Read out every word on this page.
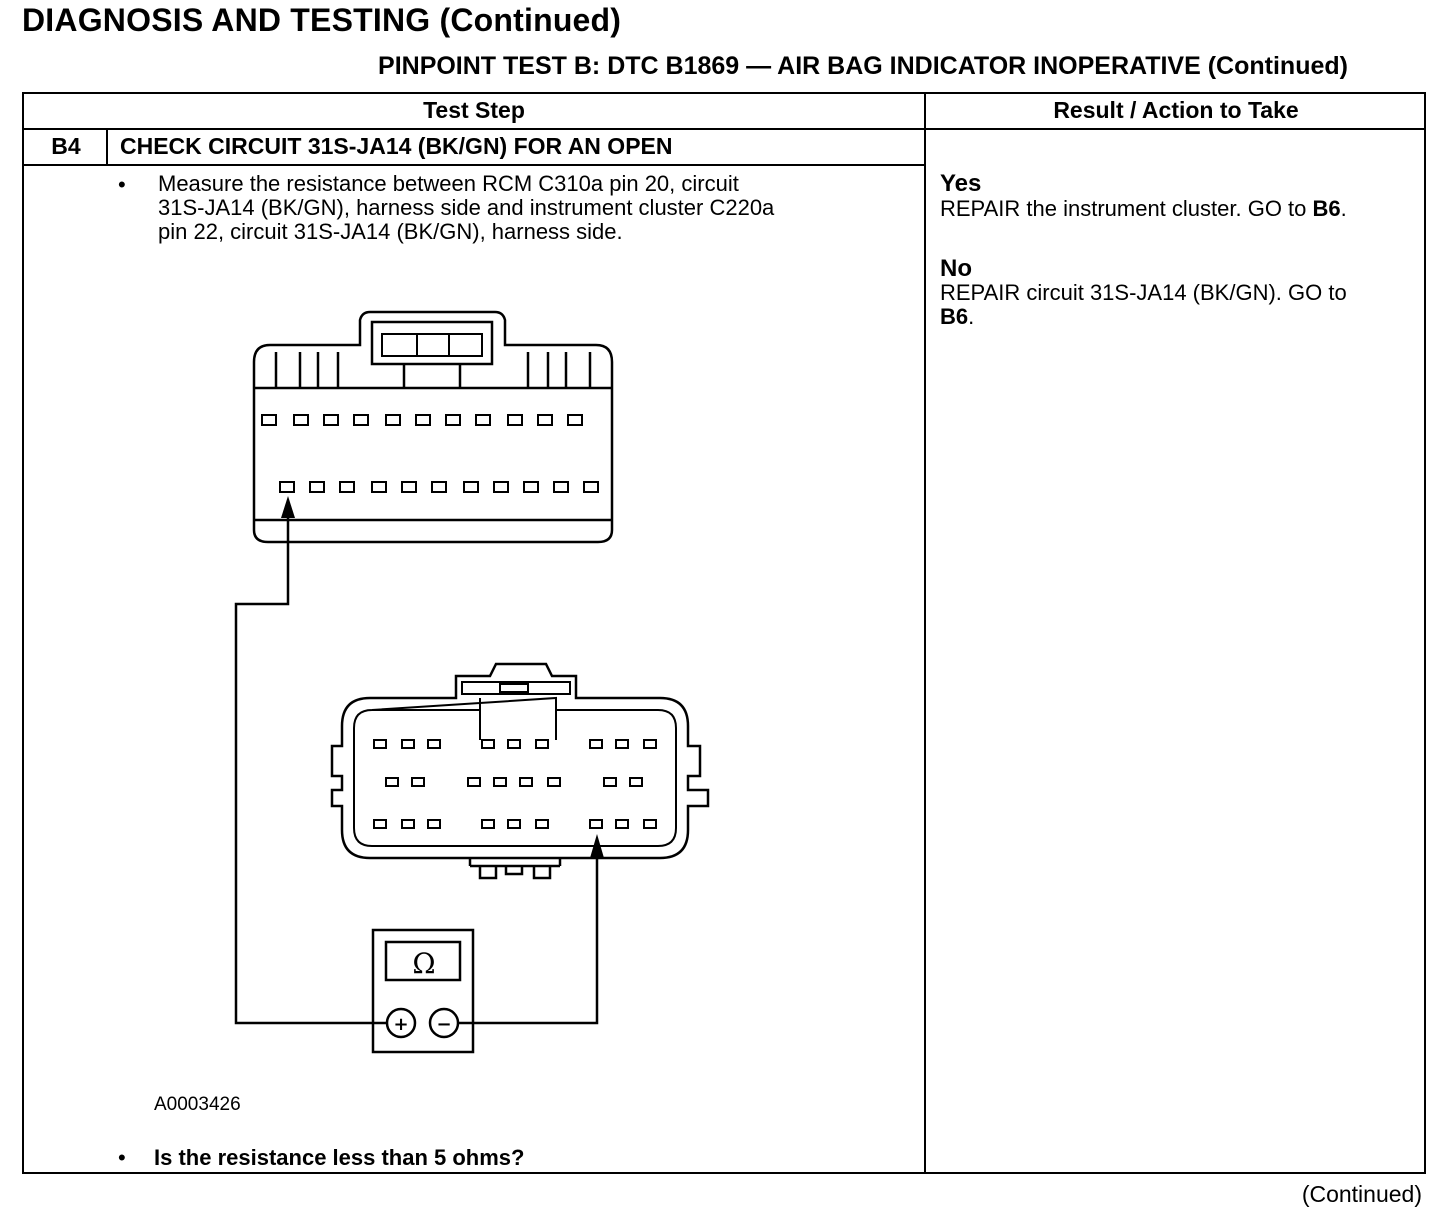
DIAGNOSIS AND TESTING (Continued)
PINPOINT TEST B: DTC B1869 — AIR BAG INDICATOR INOPERATIVE (Continued)
Test Step	Result / Action to Take
B4	CHECK CIRCUIT 31S-JA14 (BK/GN) FOR AN OPEN
• Measure the resistance between RCM C310a pin 20, circuit
31S-JA14 (BK/GN), harness side and instrument cluster C220a
pin 22, circuit 31S-JA14 (BK/GN), harness side.
Yes
REPAIR the instrument cluster. GO to B6.
No
REPAIR circuit 31S-JA14 (BK/GN). GO to
B6.
Ω
+ −
A0003426
• Is the resistance less than 5 ohms?
(Continued)
